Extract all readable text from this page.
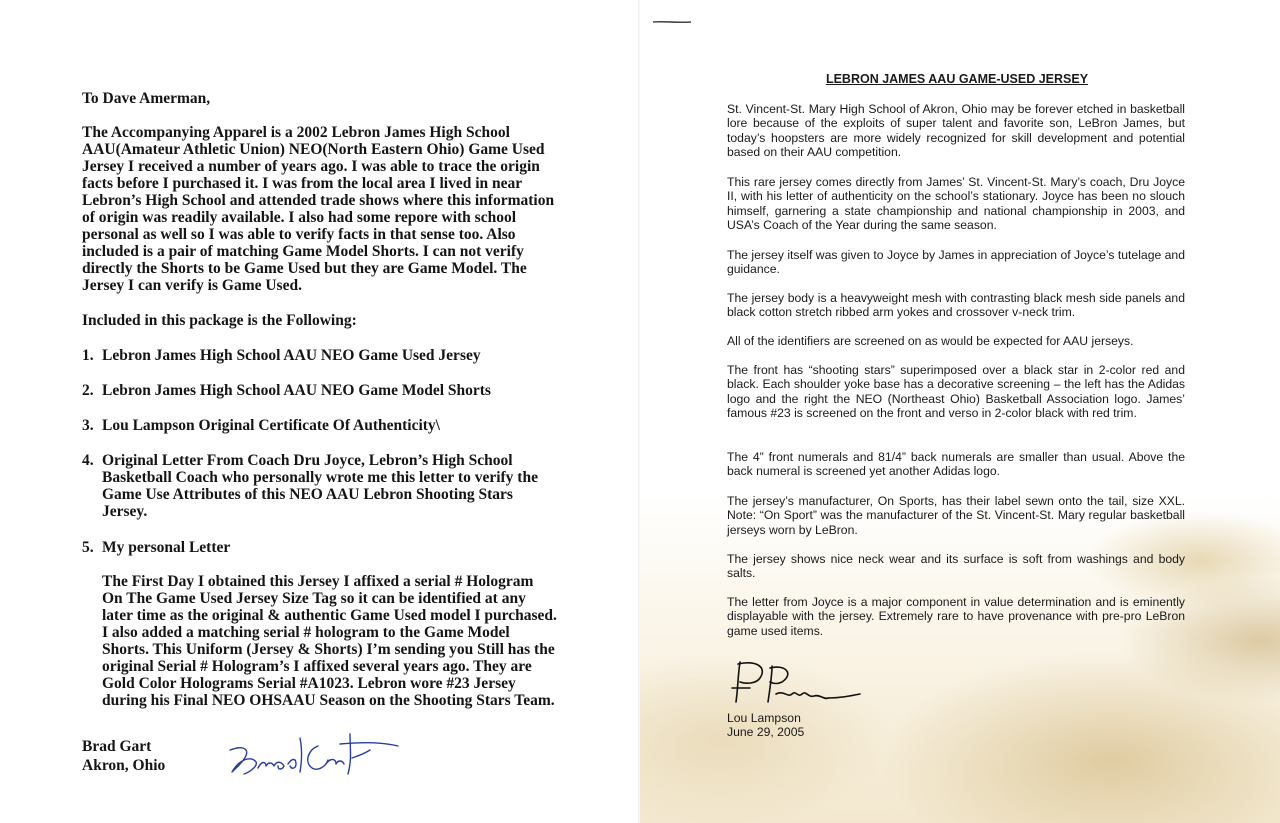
To Dave Amerman,
The Accompanying Apparel is a 2002 Lebron James High School AAU(Amateur Athletic Union) NEO(North Eastern Ohio) Game Used Jersey I received a number of years ago. I was able to trace the origin facts before I purchased it. I was from the local area I lived in near Lebron’s High School and attended trade shows where this information of origin was readily available. I also had some repore with school personal as well so I was able to verify facts in that sense too. Also included is a pair of matching Game Model Shorts. I can not verify directly the Shorts to be Game Used but they are Game Model. The Jersey I can verify is Game Used.
Included in this package is the Following:
1. Lebron James High School AAU NEO Game Used Jersey
2. Lebron James High School AAU NEO Game Model Shorts
3. Lou Lampson Original Certificate Of Authenticity\
4. Original Letter From Coach Dru Joyce, Lebron’s High School Basketball Coach who personally wrote me this letter to verify the Game Use Attributes of this NEO AAU Lebron Shooting Stars Jersey.
5. My personal Letter
The First Day I obtained this Jersey I affixed a serial # Hologram On The Game Used Jersey Size Tag so it can be identified at any later time as the original & authentic Game Used model I purchased. I also added a matching serial # hologram to the Game Model Shorts. This Uniform (Jersey & Shorts) I’m sending you Still has the original Serial # Hologram’s I affixed several years ago. They are Gold Color Holograms Serial #A1023. Lebron wore #23 Jersey during his Final NEO OHSAAU Season on the Shooting Stars Team.
Brad Gart
Akron, Ohio
LEBRON JAMES AAU GAME-USED JERSEY

St. Vincent-St. Mary High School of Akron, Ohio may be forever etched in basketball lore because of the exploits of super talent and favorite son, LeBron James, but today’s hoopsters are more widely recognized for skill development and potential based on their AAU competition.

This rare jersey comes directly from James’ St. Vincent-St. Mary’s coach, Dru Joyce II, with his letter of authenticity on the school’s stationary. Joyce has been no slouch himself, garnering a state championship and national championship in 2003, and USA’s Coach of the Year during the same season.

The jersey itself was given to Joyce by James in appreciation of Joyce’s tutelage and guidance.

The jersey body is a heavyweight mesh with contrasting black mesh side panels and black cotton stretch ribbed arm yokes and crossover v-neck trim.

All of the identifiers are screened on as would be expected for AAU jerseys.

The front has “shooting stars” superimposed over a black star in 2-color red and black. Each shoulder yoke base has a decorative screening – the left has the Adidas logo and the right the NEO (Northeast Ohio) Basketball Association logo. James’ famous #23 is screened on the front and verso in 2-color black with red trim.

The 4” front numerals and 81/4” back numerals are smaller than usual. Above the back numeral is screened yet another Adidas logo.

The jersey’s manufacturer, On Sports, has their label sewn onto the tail, size XXL. Note: “On Sport” was the manufacturer of the St. Vincent-St. Mary regular basketball jerseys worn by LeBron.

The jersey shows nice neck wear and its surface is soft from washings and body salts.

The letter from Joyce is a major component in value determination and is eminently displayable with the jersey. Extremely rare to have provenance with pre-pro LeBron game used items.

Lou Lampson
June 29, 2005
